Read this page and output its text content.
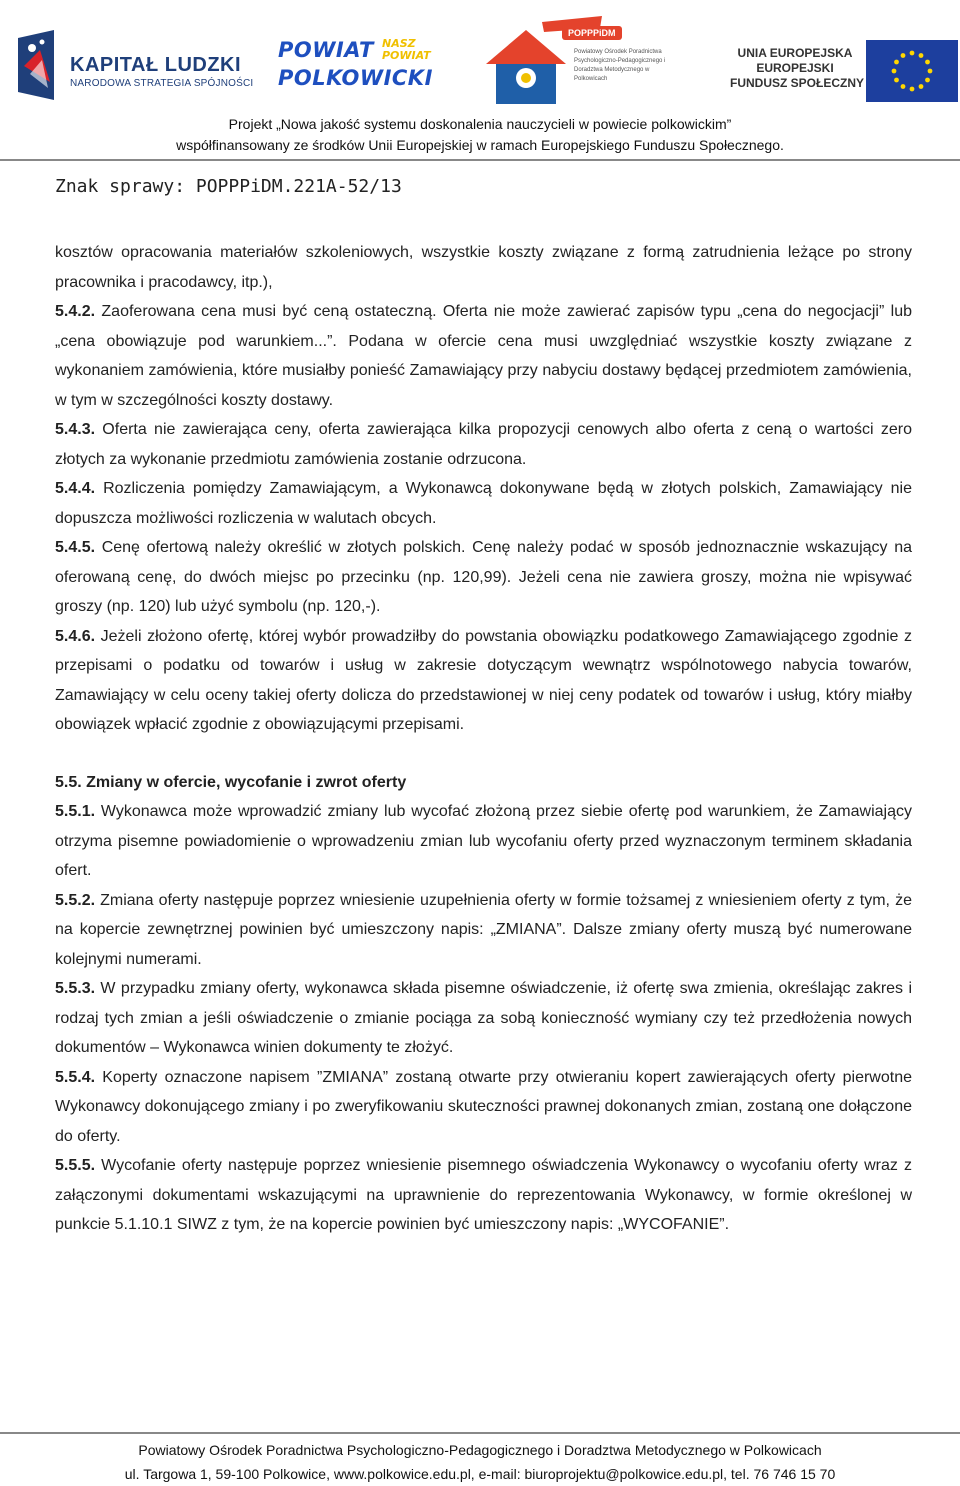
KAPITAŁ LUDZKI
NARODOWA STRATEGIA SPÓJNOŚCI
POWIAT NASZ
POWIAT
POLKOWICKI
POPPPiDM
Powiatowy Ośrodek Poradnictwa Psychologiczno-Pedagogicznego i Doradztwa Metodycznego w Polkowicach
UNIA EUROPEJSKA
EUROPEJSKI
FUNDUSZ SPOŁECZNY
Projekt „Nowa jakość systemu doskonalenia nauczycieli w powiecie polkowickim”
współfinansowany ze środków Unii Europejskiej w ramach Europejskiego Funduszu Społecznego.
Znak sprawy: POPPPiDM.221A-52/13

kosztów opracowania materiałów szkoleniowych, wszystkie koszty związane z formą zatrudnienia leżące po strony pracownika i pracodawcy, itp.),

5.4.2. Zaoferowana cena musi być ceną ostateczną. Oferta nie może zawierać zapisów typu „cena do negocjacji” lub „cena obowiązuje pod warunkiem...”. Podana w ofercie cena musi uwzględniać wszystkie koszty związane z wykonaniem zamówienia, które musiałby ponieść Zamawiający przy nabyciu dostawy będącej przedmiotem zamówienia, w tym w szczególności koszty dostawy.

5.4.3. Oferta nie zawierająca ceny, oferta zawierająca kilka propozycji cenowych albo oferta z ceną o wartości zero złotych za wykonanie przedmiotu zamówienia zostanie odrzucona.

5.4.4. Rozliczenia pomiędzy Zamawiającym, a Wykonawcą dokonywane będą w złotych polskich, Zamawiający nie dopuszcza możliwości rozliczenia w walutach obcych.

5.4.5. Cenę ofertową należy określić w złotych polskich. Cenę należy podać w sposób jednoznacznie wskazujący na oferowaną cenę, do dwóch miejsc po przecinku (np. 120,99). Jeżeli cena nie zawiera groszy, można nie wpisywać groszy (np. 120) lub użyć symbolu (np. 120,-).

5.4.6. Jeżeli złożono ofertę, której wybór prowadziłby do powstania obowiązku podatkowego Zamawiającego zgodnie z przepisami o podatku od towarów i usług w zakresie dotyczącym wewnątrz wspólnotowego nabycia towarów, Zamawiający w celu oceny takiej oferty dolicza do przedstawionej w niej ceny podatek od towarów i usług, który miałby obowiązek wpłacić zgodnie z obowiązującymi przepisami.

5.5. Zmiany w ofercie, wycofanie i zwrot oferty

5.5.1. Wykonawca może wprowadzić zmiany lub wycofać złożoną przez siebie ofertę pod warunkiem, że Zamawiający otrzyma pisemne powiadomienie o wprowadzeniu zmian lub wycofaniu oferty przed wyznaczonym terminem składania ofert.

5.5.2. Zmiana oferty następuje poprzez wniesienie uzupełnienia oferty w formie tożsamej z wniesieniem oferty z tym, że na kopercie zewnętrznej powinien być umieszczony napis: „ZMIANA”. Dalsze zmiany oferty muszą być numerowane kolejnymi numerami.

5.5.3. W przypadku zmiany oferty, wykonawca składa pisemne oświadczenie, iż ofertę swa zmienia, określając zakres i rodzaj tych zmian a jeśli oświadczenie o zmianie pociąga za sobą konieczność wymiany czy też przedłożenia nowych dokumentów – Wykonawca winien dokumenty te złożyć.

5.5.4. Koperty oznaczone napisem ”ZMIANA” zostaną otwarte przy otwieraniu kopert zawierających oferty pierwotne Wykonawcy dokonującego zmiany i po zweryfikowaniu skuteczności prawnej dokonanych zmian, zostaną one dołączone do oferty.

5.5.5. Wycofanie oferty następuje poprzez wniesienie pisemnego oświadczenia Wykonawcy o wycofaniu oferty wraz z załączonymi dokumentami wskazującymi na uprawnienie do reprezentowania Wykonawcy, w formie określonej w punkcie 5.1.10.1 SIWZ z tym, że na kopercie powinien być umieszczony napis: „WYCOFANIE”.

Powiatowy Ośrodek Poradnictwa Psychologiczno-Pedagogicznego i Doradztwa Metodycznego w Polkowicach
ul. Targowa 1, 59-100 Polkowice, www.polkowice.edu.pl, e-mail: biuroprojektu@polkowice.edu.pl, tel. 76 746 15 70
